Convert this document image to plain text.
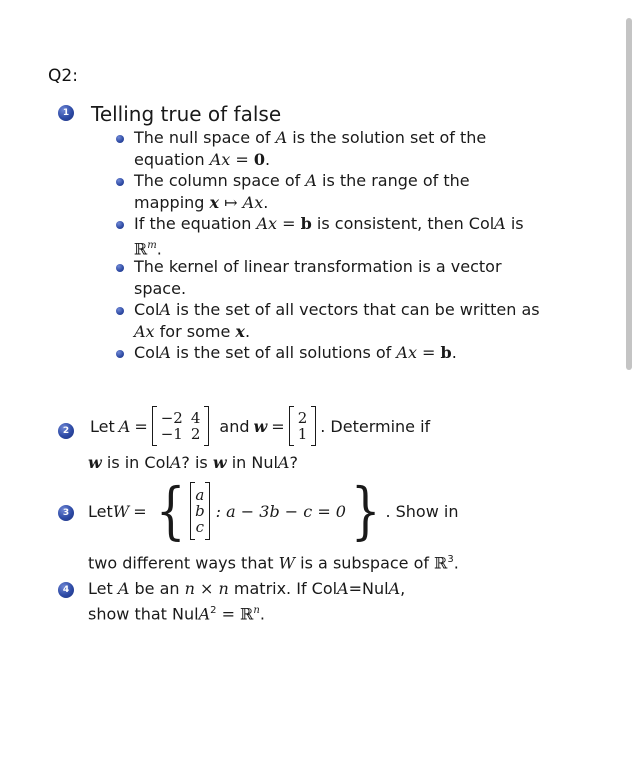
Q2:
1 Telling true of false
The null space of A is the solution set of the
equation Ax = 0.
The column space of A is the range of the
mapping x ↦ Ax.
If the equation Ax = b is consistent, then ColA is
ℝ$^m$.
The kernel of linear transformation is a vector
space.
ColA is the set of all vectors that can be written as
Ax for some x.
ColA is the set of all solutions of Ax = b.
2	Let A = −2 4
−1 2 and w = 2
1 . Determine if
w is in ColA? is w in NulA?
3	Let W = { a
b
c
: a − 3b − c = 0 } . Show in
two different ways that W is a subspace of ℝ$^3$.
4	Let A be an n × n matrix. If ColA=NulA,
show that NulA$^2$ = ℝ$^n$.
